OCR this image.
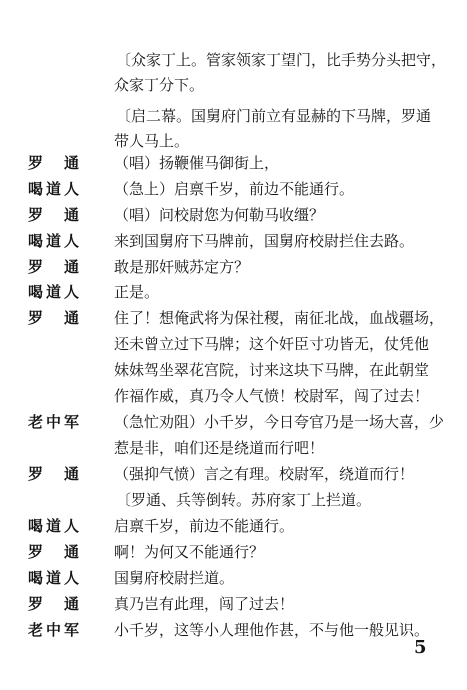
〔众家丁上。管家领家丁望门，比手势分头把守，
众家丁分下。
〔启二幕。国舅府门前立有显赫的下马牌，罗通
带人马上。
罗　通	（唱）扬鞭催马御街上，
喝道人	（急上）启禀千岁，前边不能通行。
罗　通	（唱）问校尉您为何勒马收缰？
喝道人	来到国舅府下马牌前，国舅府校尉拦住去路。
罗　通	敢是那奸贼苏定方？
喝道人	正是。
罗　通	住了！想俺武将为保社稷，南征北战，血战疆场，
还未曾立过下马牌；这个奸臣寸功皆无，仗凭他
妹妹驾坐翠花宫院，讨来这块下马牌，在此朝堂
作福作威，真乃令人气愤！校尉军，闯了过去！
老中军	（急忙劝阻）小千岁，今日夸官乃是一场大喜，少
惹是非，咱们还是绕道而行吧！
罗　通	（强抑气愤）言之有理。校尉军，绕道而行！
〔罗通、兵等倒转。苏府家丁上拦道。
喝道人	启禀千岁，前边不能通行。
罗　通	啊！为何又不能通行？
喝道人	国舅府校尉拦道。
罗　通	真乃岂有此理，闯了过去！
老中军	小千岁，这等小人理他作甚，不与他一般见识。
5
